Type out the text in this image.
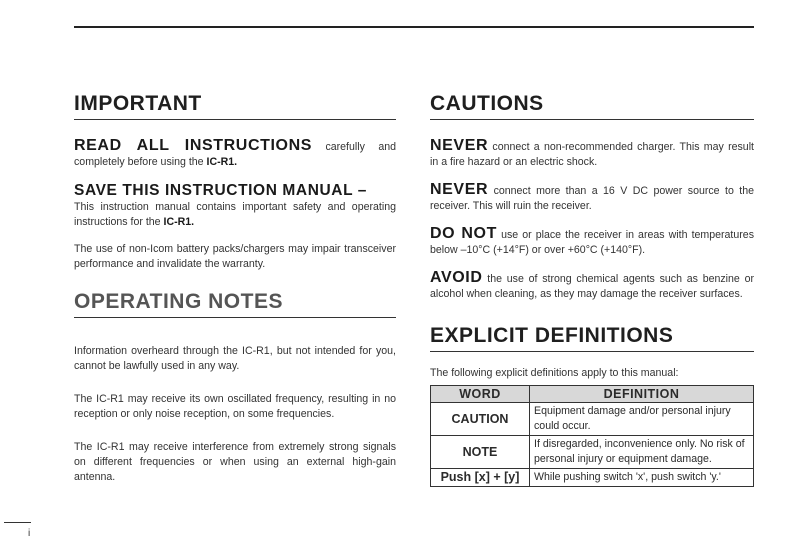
IMPORTANT

READ ALL INSTRUCTIONS carefully and completely before using the IC-R1.

SAVE THIS INSTRUCTION MANUAL –

This instruction manual contains important safety and operating instructions for the IC-R1.

The use of non-Icom battery packs/chargers may impair transceiver performance and invalidate the warranty.

OPERATING NOTES

Information overheard through the IC-R1, but not intended for you, cannot be lawfully used in any way.

The IC-R1 may receive its own oscillated frequency, resulting in no reception or only noise reception, on some frequencies.

The IC-R1 may receive interference from extremely strong signals on different frequencies or when using an external high-gain antenna.

CAUTIONS

NEVER connect a non-recommended charger. This may result in a fire hazard or an electric shock.

NEVER connect more than a 16 V DC power source to the receiver. This will ruin the receiver.

DO NOT use or place the receiver in areas with temperatures below –10°C (+14°F) or over +60°C (+140°F).

AVOID the use of strong chemical agents such as benzine or alcohol when cleaning, as they may damage the receiver surfaces.

EXPLICIT DEFINITIONS

The following explicit definitions apply to this manual:

WORD	DEFINITION
CAUTION	Equipment damage and/or personal injury could occur.
NOTE	If disregarded, inconvenience only. No risk of personal injury or equipment damage.
Push [x] + [y]	While pushing switch 'x', push switch 'y.'
i
